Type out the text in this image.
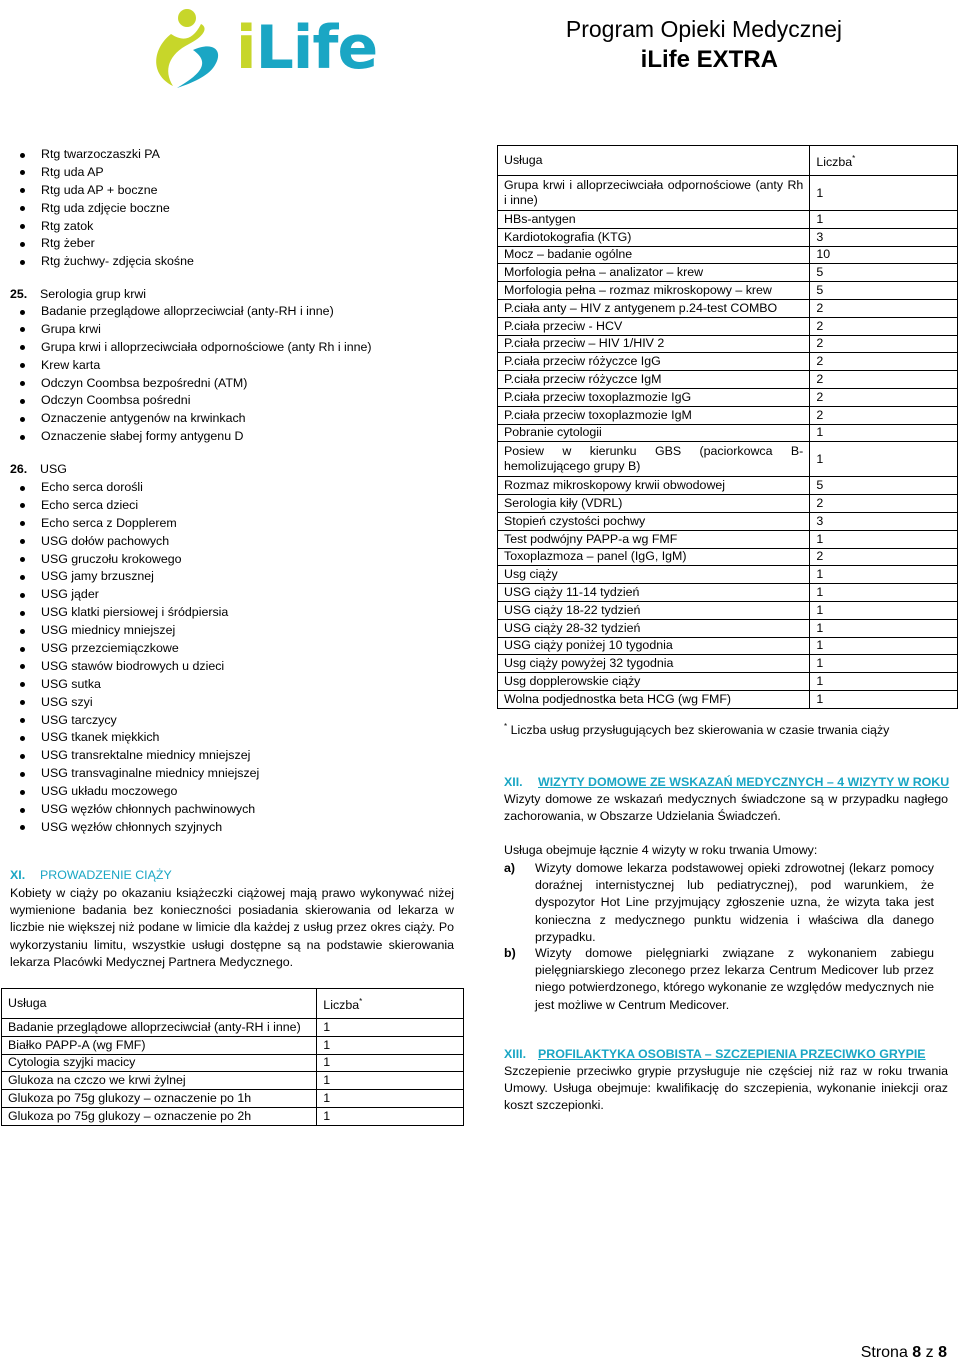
iLife	Program Opieki Medycznej
iLife EXTRA
Rtg twarzoczaszki PA
Rtg uda AP
Rtg uda AP + boczne
Rtg uda zdjęcie boczne
Rtg zatok
Rtg żeber
Rtg żuchwy- zdjęcia skośne
25. Serologia grup krwi
Badanie przeglądowe alloprzeciwciał (anty-RH i inne)
Grupa krwi
Grupa krwi i alloprzeciwciała odpornościowe (anty Rh i inne)
Krew karta
Odczyn Coombsa bezpośredni (ATM)
Odczyn Coombsa pośredni
Oznaczenie antygenów na krwinkach
Oznaczenie słabej formy antygenu D
26. USG
Echo serca dorośli
Echo serca dzieci
Echo serca z Dopplerem
USG dołów pachowych
USG gruczołu krokowego
USG jamy brzusznej
USG jąder
USG klatki piersiowej i śródpiersia
USG miednicy mniejszej
USG przezciemiączkowe
USG stawów biodrowych u dzieci
USG sutka
USG szyi
USG tarczycy
USG tkanek miękkich
USG transrektalne miednicy mniejszej
USG transvaginalne miednicy mniejszej
USG układu moczowego
USG węzłów chłonnych pachwinowych
USG węzłów chłonnych szyjnych
XI. PROWADZENIE CIĄŻY
Kobiety w ciąży po okazaniu książeczki ciążowej mają prawo wykonywać niżej wymienione badania bez konieczności posiadania skierowania od lekarza w liczbie nie większej niż podane w limicie dla każdej z usług przez okres ciąży. Po wykorzystaniu limitu, wszystkie usługi dostępne są na podstawie skierowania lekarza Placówki Medycznej Partnera Medycznego.
Usługa	Liczba*
Badanie przeglądowe alloprzeciwciał (anty-RH i inne)	1
Białko PAPP-A (wg FMF)	1
Cytologia szyjki macicy	1
Glukoza na czczo we krwi żylnej	1
Glukoza po 75g glukozy – oznaczenie po 1h	1
Glukoza po 75g glukozy – oznaczenie po 2h	1
Usługa	Liczba*
Grupa krwi i alloprzeciwciała odpornościowe (anty Rh i inne)	1
HBs-antygen	1
Kardiotokografia (KTG)	3
Mocz – badanie ogólne	10
Morfologia pełna – analizator – krew	5
Morfologia pełna – rozmaz mikroskopowy – krew	5
P.ciała anty – HIV z antygenem p.24-test COMBO	2
P.ciała przeciw - HCV	2
P.ciała przeciw – HIV 1/HIV 2	2
P.ciała przeciw różyczce IgG	2
P.ciała przeciw różyczce IgM	2
P.ciała przeciw toxoplazmozie IgG	2
P.ciała przeciw toxoplazmozie IgM	2
Pobranie cytologii	1
Posiew w kierunku GBS (paciorkowca B-hemolizującego grupy B)	1
Rozmaz mikroskopowy krwii obwodowej	5
Serologia kiły (VDRL)	2
Stopień czystości pochwy	3
Test podwójny PAPP-a wg FMF	1
Toxoplazmoza – panel (IgG, IgM)	2
Usg ciąży	1
USG ciąży 11-14 tydzień	1
USG ciąży 18-22 tydzień	1
USG ciąży 28-32 tydzień	1
USG ciąży poniżej 10 tygodnia	1
Usg ciąży powyżej 32 tygodnia	1
Usg dopplerowskie ciąży	1
Wolna podjednostka beta HCG (wg FMF)	1
* Liczba usług przysługujących bez skierowania w czasie trwania ciąży
XII. WIZYTY DOMOWE ZE WSKAZAŃ MEDYCZNYCH – 4 WIZYTY W ROKU
Wizyty domowe ze wskazań medycznych świadczone są w przypadku nagłego zachorowania, w Obszarze Udzielania Świadczeń.
Usługa obejmuje łącznie 4 wizyty w roku trwania Umowy:
a) Wizyty domowe lekarza podstawowej opieki zdrowotnej (lekarz pomocy doraźnej internistycznej lub pediatrycznej), pod warunkiem, że dyspozytor Hot Line przyjmujący zgłoszenie uzna, że wizyta taka jest konieczna z medycznego punktu widzenia i właściwa dla danego przypadku.
b) Wizyty domowe pielęgniarki związane z wykonaniem zabiegu pielęgniarskiego zleconego przez lekarza Centrum Medicover lub przez niego potwierdzonego, którego wykonanie ze względów medycznych nie jest możliwe w Centrum Medicover.
XIII. PROFILAKTYKA OSOBISTA – SZCZEPIENIA PRZECIWKO GRYPIE
Szczepienie przeciwko grypie przysługuje nie częściej niż raz w roku trwania Umowy. Usługa obejmuje: kwalifikację do szczepienia, wykonanie iniekcji oraz koszt szczepionki.
Strona 8 z 8
